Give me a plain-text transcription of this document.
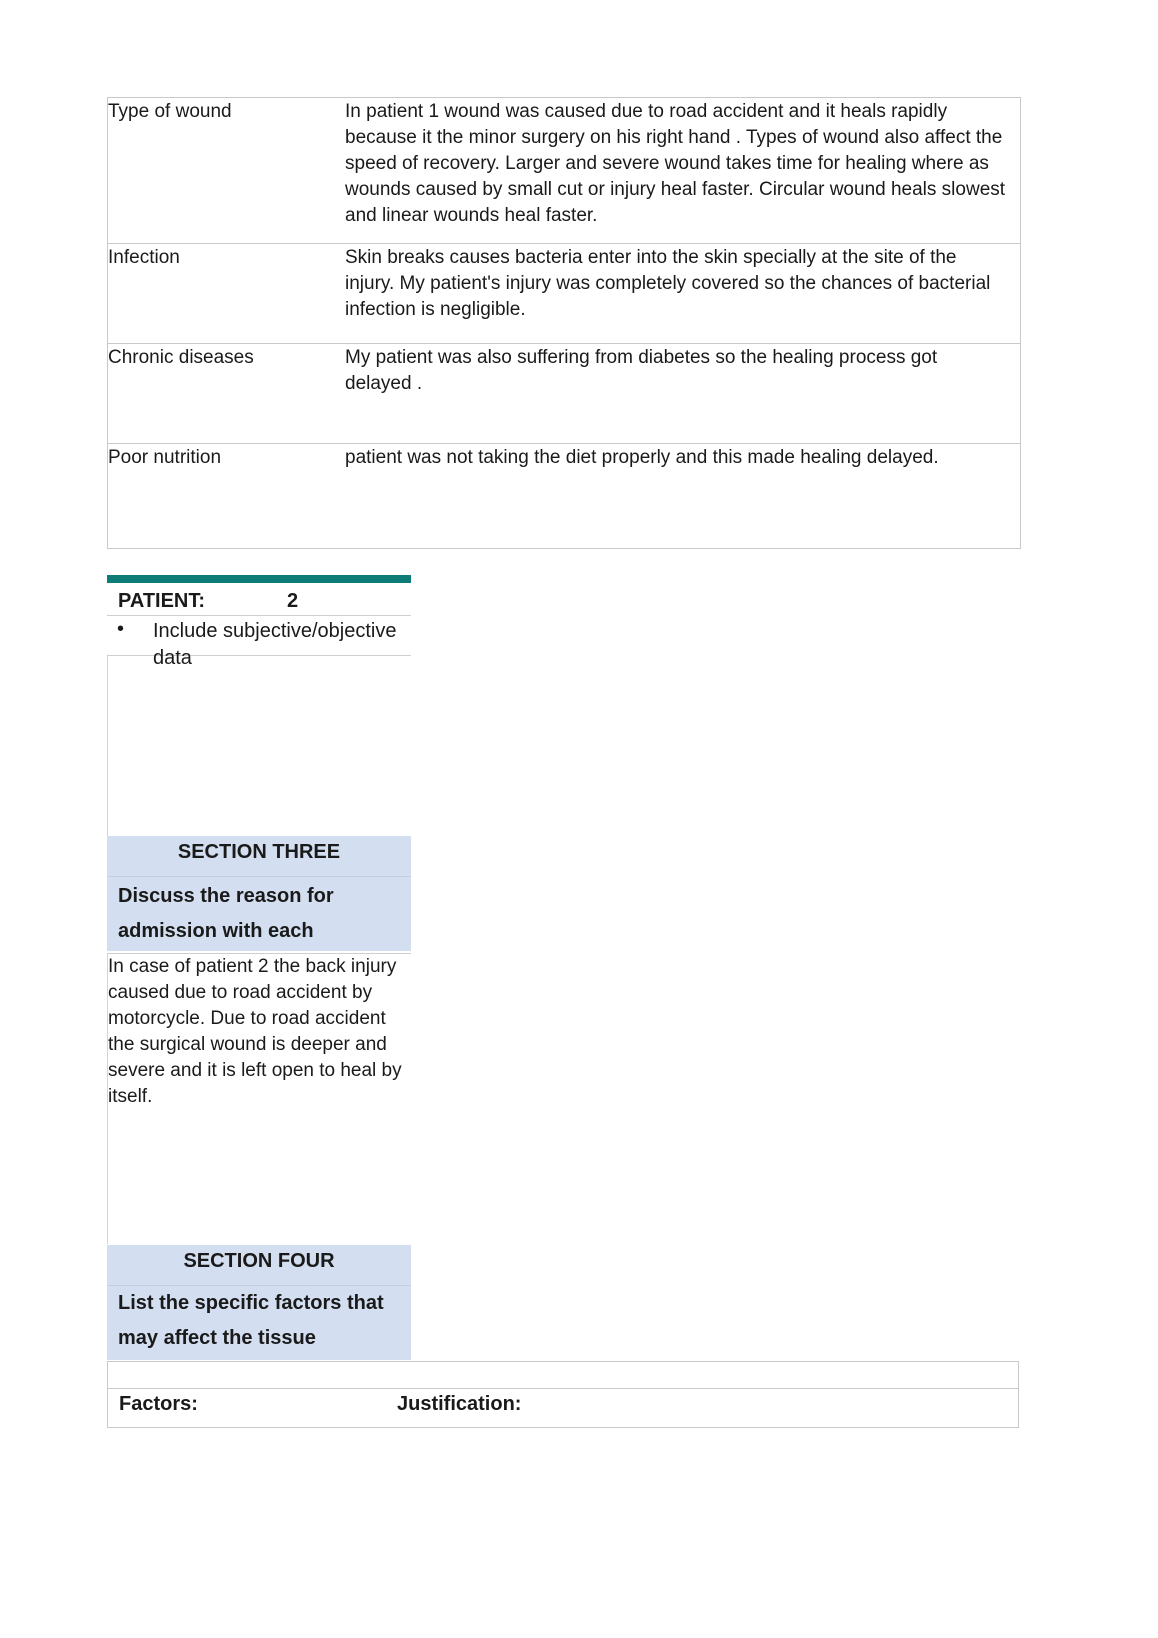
Type of wound	In patient 1 wound was caused due to road accident and it heals rapidly because it the minor surgery on his right hand . Types of wound also affect the speed of recovery. Larger and severe wound takes time for healing where as wounds caused by small cut or injury heal faster. Circular wound heals slowest and linear wounds heal faster.
Infection	Skin breaks causes bacteria enter into the skin specially at the site of the injury. My patient's injury was completely covered so the chances of bacterial infection is negligible.
Chronic diseases	My patient was also suffering from diabetes so the healing process got delayed .
Poor nutrition	patient was not taking the diet properly and this made healing delayed.
PATIENT:	2
• Include subjective/objective data
SECTION THREE
Discuss the reason for admission with each
In case of patient 2 the back injury caused due to road accident by motorcycle. Due to road accident the surgical wound is deeper and severe and it is left open to heal by itself.
SECTION FOUR
List the specific factors that may affect the tissue
Factors:	Justification:
